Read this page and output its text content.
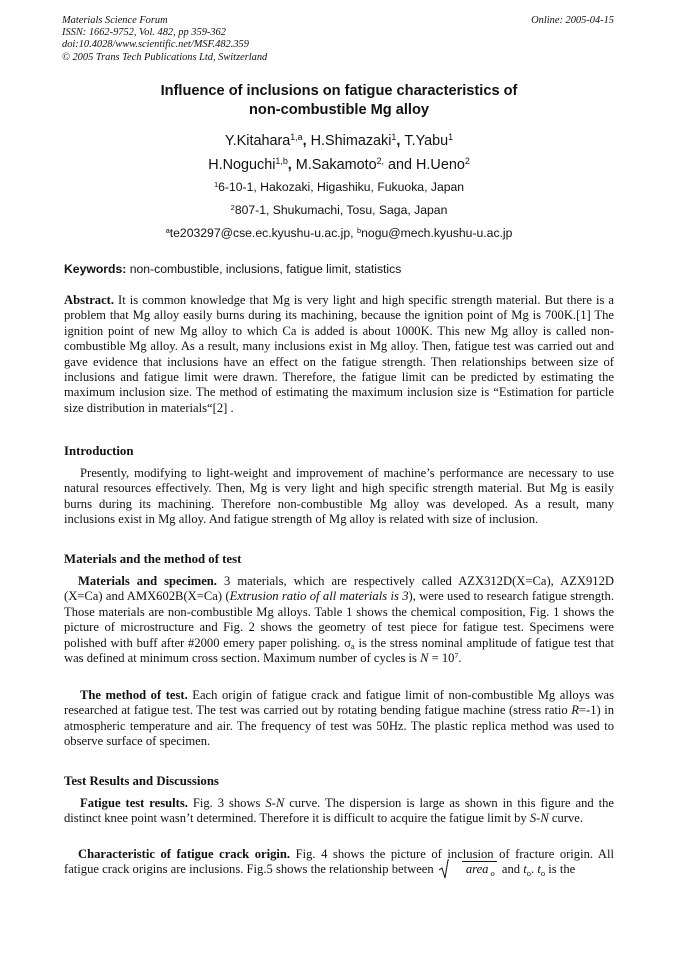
Materials Science Forum
ISSN: 1662-9752, Vol. 482, pp 359-362
doi:10.4028/www.scientific.net/MSF.482.359
© 2005 Trans Tech Publications Ltd, Switzerland
Online: 2005-04-15
Influence of inclusions on fatigue characteristics of
non-combustible Mg alloy
Y.Kitahara$^{1,a}$, H.Shimazaki$^1$, T.Yabu$^1$
H.Noguchi$^{1,b}$, M.Sakamoto$^{2,}$ and H.Ueno$^2$
$^1$6-10-1, Hakozaki, Higashiku, Fukuoka, Japan
$^2$807-1, Shukumachi, Tosu, Saga, Japan
$^a$te203297@cse.ec.kyushu-u.ac.jp, $^b$nogu@mech.kyushu-u.ac.jp
Keywords: non-combustible, inclusions, fatigue limit, statistics
Abstract. It is common knowledge that Mg is very light and high specific strength material. But there is a problem that Mg alloy easily burns during its machining, because the ignition point of Mg is 700K.[1] The ignition point of new Mg alloy to which Ca is added is about 1000K. This new Mg alloy is called non-combustible Mg alloy. As a result, many inclusions exist in Mg alloy. Then, fatigue test was carried out and gave evidence that inclusions have an effect on the fatigue strength. Then relationships between size of inclusions and fatigue limit were drawn. Therefore, the fatigue limit can be predicted by estimating the maximum inclusion size. The method of estimating the maximum inclusion size is “Estimation for particle size distribution in materials“[2] .
Introduction
Presently, modifying to light-weight and improvement of machine’s performance are necessary to use natural resources effectively. Then, Mg is very light and high specific strength material. But Mg is easily burns during its machining. Therefore non-combustible Mg alloy was developed. As a result, many inclusions exist in Mg alloy. And fatigue strength of Mg alloy is related with size of inclusion.
Materials and the method of test
Materials and specimen. 3 materials, which are respectively called AZX312D(X=Ca), AZX912D (X=Ca) and AMX602B(X=Ca) (Extrusion ratio of all materials is 3), were used to research fatigue strength. Those materials are non-combustible Mg alloys. Table 1 shows the chemical composition, Fig. 1 shows the picture of microstructure and Fig. 2 shows the geometry of test piece for fatigue test. Specimens were polished with buff after #2000 emery paper polishing. $\sigma_a$ is the stress nominal amplitude of fatigue test that was defined at minimum cross section. Maximum number of cycles is $N = 10^7$.
The method of test. Each origin of fatigue crack and fatigue limit of non-combustible Mg alloys was researched at fatigue test. The test was carried out by rotating bending fatigue machine (stress ratio R=-1) in atmospheric temperature and air. The frequency of test was 50Hz. The plastic replica method was used to observe surface of specimen.
Test Results and Discussions
Fatigue test results. Fig. 3 shows S-N curve. The dispersion is large as shown in this figure and the distinct knee point wasn’t determined. Therefore it is difficult to acquire the fatigue limit by S-N curve.
Characteristic of fatigue crack origin. Fig. 4 shows the picture of inclusion of fracture origin. All fatigue crack origins are inclusions. Fig.5 shows the relationship between	area $_o$ and $t_o$. $t_o$ is the
